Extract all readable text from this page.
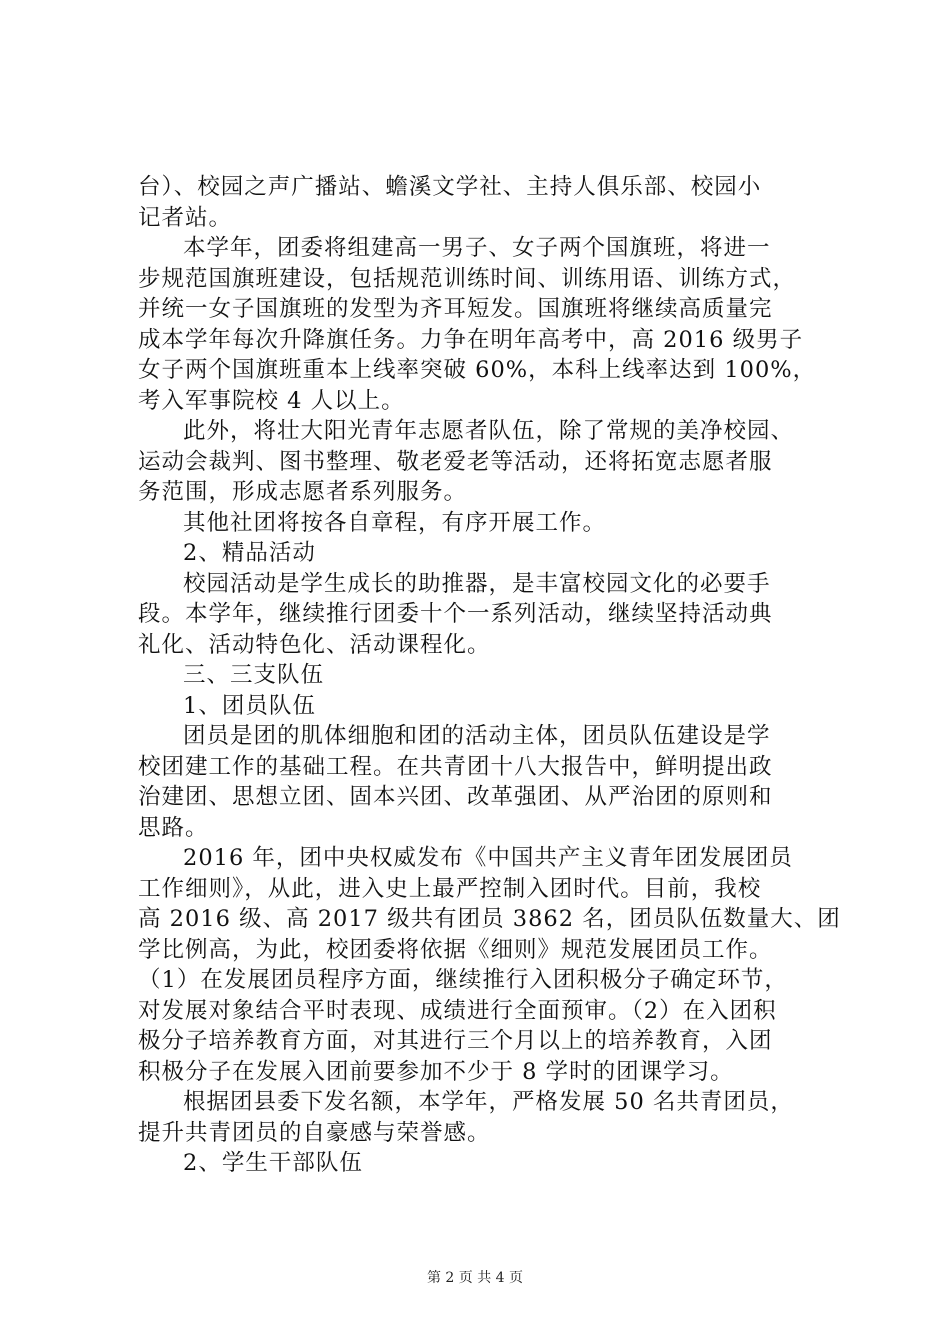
台）、校园之声广播站、蟾溪文学社、主持人俱乐部、校园小
记者站。
本学年，团委将组建高一男子、女子两个国旗班，将进一
步规范国旗班建设，包括规范训练时间、训练用语、训练方式，
并统一女子国旗班的发型为齐耳短发。国旗班将继续高质量完
成本学年每次升降旗任务。力争在明年高考中，高 2016 级男子
女子两个国旗班重本上线率突破 60%，本科上线率达到 100%，
考入军事院校 4 人以上。
此外，将壮大阳光青年志愿者队伍，除了常规的美净校园、
运动会裁判、图书整理、敬老爱老等活动，还将拓宽志愿者服
务范围，形成志愿者系列服务。
其他社团将按各自章程，有序开展工作。
2、精品活动
校园活动是学生成长的助推器，是丰富校园文化的必要手
段。本学年，继续推行团委十个一系列活动，继续坚持活动典
礼化、活动特色化、活动课程化。
三、三支队伍
1、团员队伍
团员是团的肌体细胞和团的活动主体，团员队伍建设是学
校团建工作的基础工程。在共青团十八大报告中，鲜明提出政
治建团、思想立团、固本兴团、改革强团、从严治团的原则和
思路。
2016 年，团中央权威发布《中国共产主义青年团发展团员
工作细则》，从此，进入史上最严控制入团时代。目前，我校
高 2016 级、高 2017 级共有团员 3862 名，团员队伍数量大、团
学比例高，为此，校团委将依据《细则》规范发展团员工作。
（1）在发展团员程序方面，继续推行入团积极分子确定环节，
对发展对象结合平时表现、成绩进行全面预审。（2）在入团积
极分子培养教育方面，对其进行三个月以上的培养教育，入团
积极分子在发展入团前要参加不少于 8 学时的团课学习。
根据团县委下发名额，本学年，严格发展 50 名共青团员，
提升共青团员的自豪感与荣誉感。
2、学生干部队伍
第 2 页 共 4 页
